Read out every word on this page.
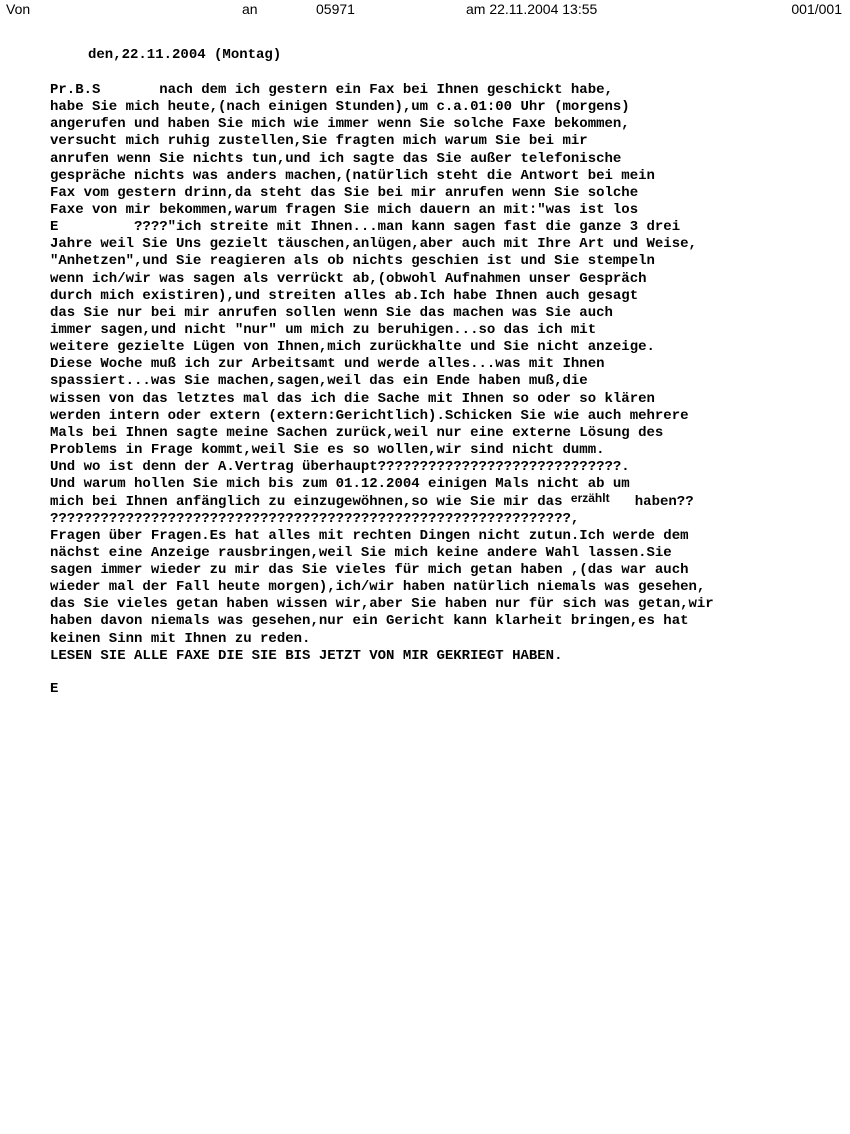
Von

	an

	05971

	am 22.11.2004 13:55

	001/001

den,22.11.2004 (Montag)
Pr.B.S       nach dem ich gestern ein Fax bei Ihnen geschickt habe,
habe Sie mich heute,(nach einigen Stunden),um c.a.01:00 Uhr (morgens)
angerufen und haben Sie mich wie immer wenn Sie solche Faxe bekommen,
versucht mich ruhig zustellen,Sie fragten mich warum Sie bei mir
anrufen wenn Sie nichts tun,und ich sagte das Sie außer telefonische
gespräche nichts was anders machen,(natürlich steht die Antwort bei mein
Fax vom gestern drinn,da steht das Sie bei mir anrufen wenn Sie solche
Faxe von mir bekommen,warum fragen Sie mich dauern an mit:"was ist los
E         ????"ich streite mit Ihnen...man kann sagen fast die ganze 3 drei
Jahre weil Sie Uns gezielt täuschen,anlügen,aber auch mit Ihre Art und Weise,
"Anhetzen",und Sie reagieren als ob nichts geschien ist und Sie stempeln
wenn ich/wir was sagen als verrückt ab,(obwohl Aufnahmen unser Gespräch
durch mich existiren),und streiten alles ab.Ich habe Ihnen auch gesagt
das Sie nur bei mir anrufen sollen wenn Sie das machen was Sie auch
immer sagen,und nicht "nur" um mich zu beruhigen...so das ich mit
weitere gezielte Lügen von Ihnen,mich zurückhalte und Sie nicht anzeige.
Diese Woche muß ich zur Arbeitsamt und werde alles...was mit Ihnen
spassiert...was Sie machen,sagen,weil das ein Ende haben muß,die
wissen von das letztes mal das ich die Sache mit Ihnen so oder so klären
werden intern oder extern (extern:Gerichtlich).Schicken Sie wie auch mehrere
Mals bei Ihnen sagte meine Sachen zurück,weil nur eine externe Lösung des
Problems in Frage kommt,weil Sie es so wollen,wir sind nicht dumm.
Und wo ist denn der A.Vertrag überhaupt?????????????????????????????.
Und warum hollen Sie mich bis zum 01.12.2004 einigen Mals nicht ab um
mich bei Ihnen anfänglich zu einzugewöhnen,so wie Sie mir das erzählt   haben??
??????????????????????????????????????????????????????????????,
Fragen über Fragen.Es hat alles mit rechten Dingen nicht zutun.Ich werde dem
nächst eine Anzeige rausbringen,weil Sie mich keine andere Wahl lassen.Sie
sagen immer wieder zu mir das Sie vieles für mich getan haben ,(das war auch
wieder mal der Fall heute morgen),ich/wir haben natürlich niemals was gesehen,
das Sie vieles getan haben wissen wir,aber Sie haben nur für sich was getan,wir
haben davon niemals was gesehen,nur ein Gericht kann klarheit bringen,es hat
keinen Sinn mit Ihnen zu reden.
LESEN SIE ALLE FAXE DIE SIE BIS JETZT VON MIR GEKRIEGT HABEN.
E
